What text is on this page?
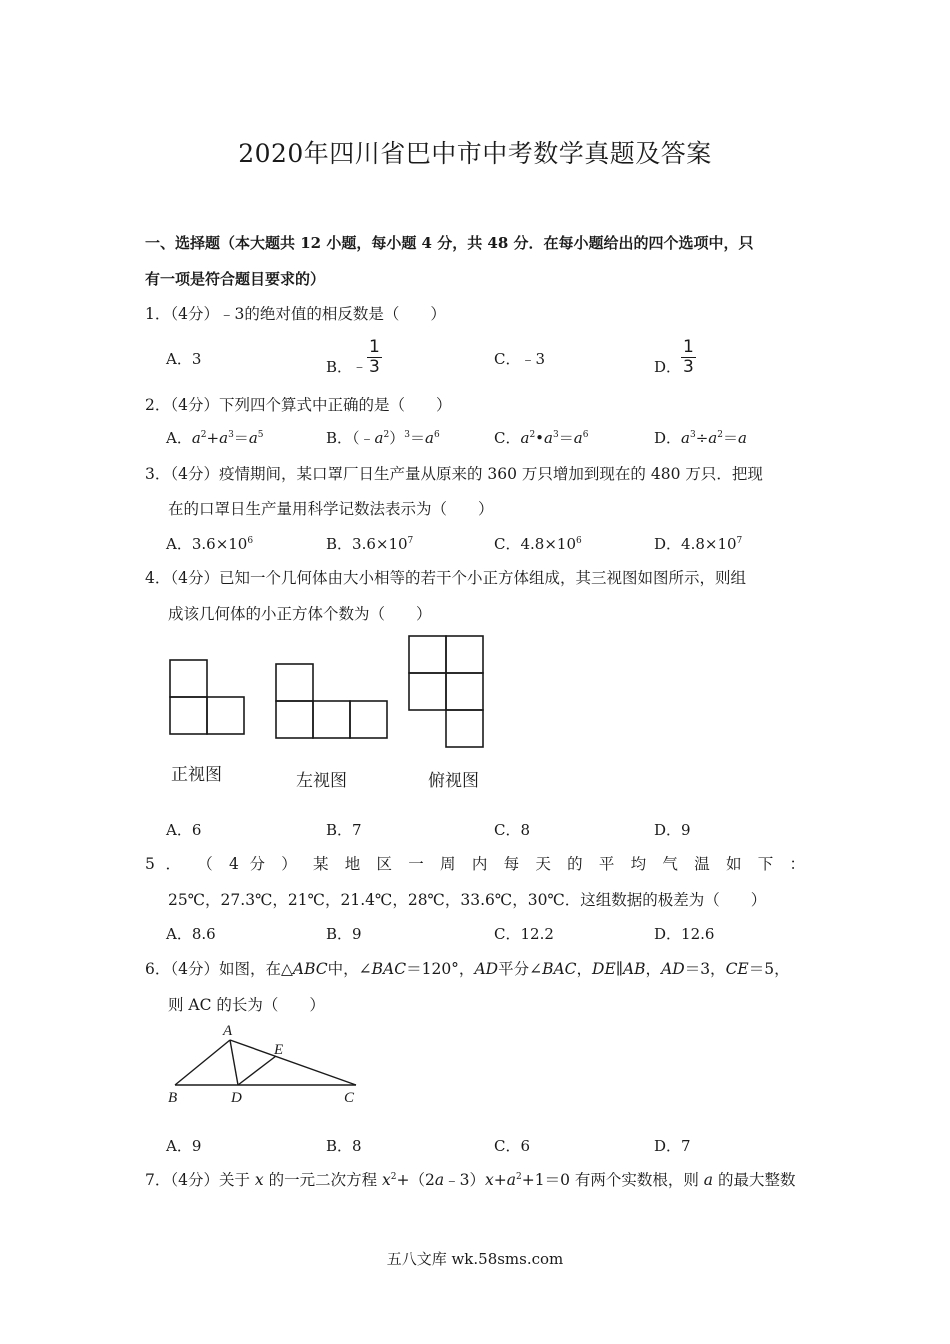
2020年四川省巴中市中考数学真题及答案
一、选择题（本大题共 12 小题，每小题 4 分，共 48 分．在每小题给出的四个选项中，只
有一项是符合题目要求的）
1．（4分）﹣3的绝对值的相反数是（　　）
A．3	B．﹣ $\frac{1}{3}$	C．﹣3	D． $\frac{1}{3}$
2．（4分）下列四个算式中正确的是（　　）
A．$a^2+a^3=a^5$	B．$(﹣a^2)^3=a^6$	C．$a^2•a^3=a^6$	D．$a^3\div a^2=a$
3．（4分）疫情期间，某口罩厂日生产量从原来的 360 万只增加到现在的 480 万只．把现
在的口罩日生产量用科学记数法表示为（　　）
A．$3.6\times 10^6$	B．$3.6\times 10^7$	C．$4.8\times 10^6$	D．$4.8\times 10^7$
4．（4分）已知一个几何体由大小相等的若干个小正方体组成，其三视图如图所示，则组
成该几何体的小正方体个数为（　　）
正视图	左视图	俯视图
A．6	B．7	C．8	D．9
5 ． （ 4 分 ） 某 地 区 一 周 内 每 天 的 平 均 气 温 如 下 ：
25℃，27.3℃，21℃，21.4℃，28℃，33.6℃，30℃．这组数据的极差为（　　）
A．8.6	B．9	C．12.2	D．12.6
6．（4分）如图，在△ABC中，∠BAC＝120°，AD平分∠BAC，DE∥AB，AD＝3，CE＝5，
则 AC 的长为（　　）
A
E
B	D	C
A．9	B．8	C．6	D．7
7．（4分）关于 x 的一元二次方程 $x^2+(2a﹣3)x+a^2+1=0$ 有两个实数根，则 a 的最大整数
五八文库 wk.58sms.com
